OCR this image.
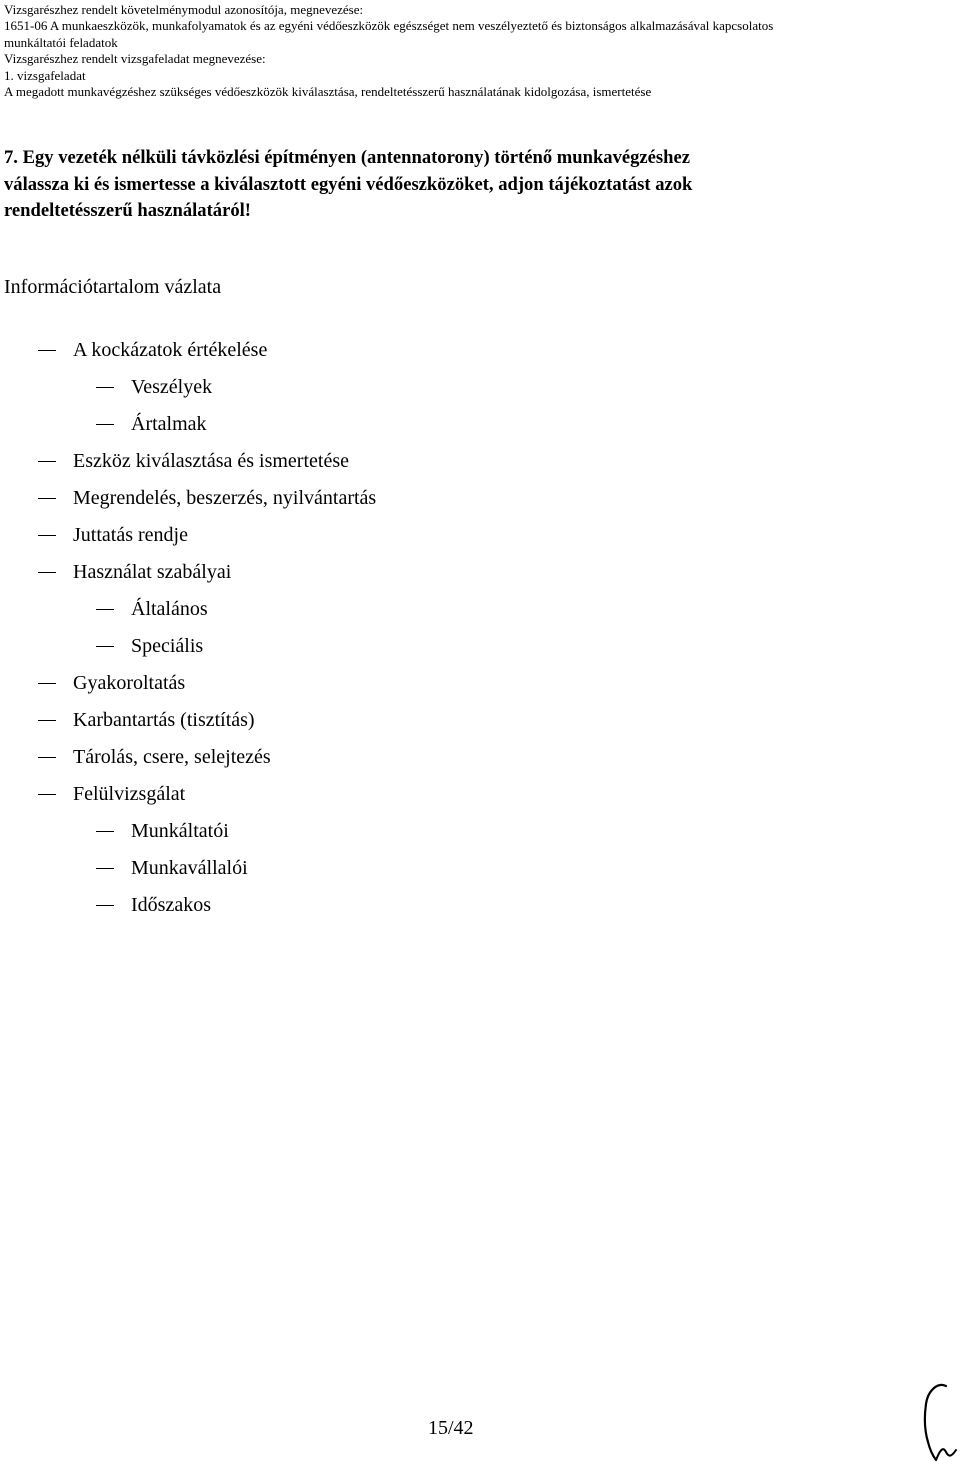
Vizsgarészhez rendelt követelménymodul azonosítója, megnevezése:
1651-06 A munkaeszközök, munkafolyamatok és az egyéni védőeszközök egészséget nem veszélyeztető és biztonságos alkalmazásával kapcsolatos
munkáltatói feladatok
Vizsgarészhez rendelt vizsgafeladat megnevezése:
1. vizsgafeladat
A megadott munkavégzéshez szükséges védőeszközök kiválasztása, rendeltetésszerű használatának kidolgozása, ismertetése
7. Egy vezeték nélküli távközlési építményen (antennatorony) történő munkavégzéshez
válassza ki és ismertesse a kiválasztott egyéni védőeszközöket, adjon tájékoztatást azok
rendeltetésszerű használatáról!
Információtartalom vázlata
A kockázatok értékelése
Veszélyek
Ártalmak
Eszköz kiválasztása és ismertetése
Megrendelés, beszerzés, nyilvántartás
Juttatás rendje
Használat szabályai
Általános
Speciális
Gyakoroltatás
Karbantartás (tisztítás)
Tárolás, csere, selejtezés
Felülvizsgálat
Munkáltatói
Munkavállalói
Időszakos
15/42
